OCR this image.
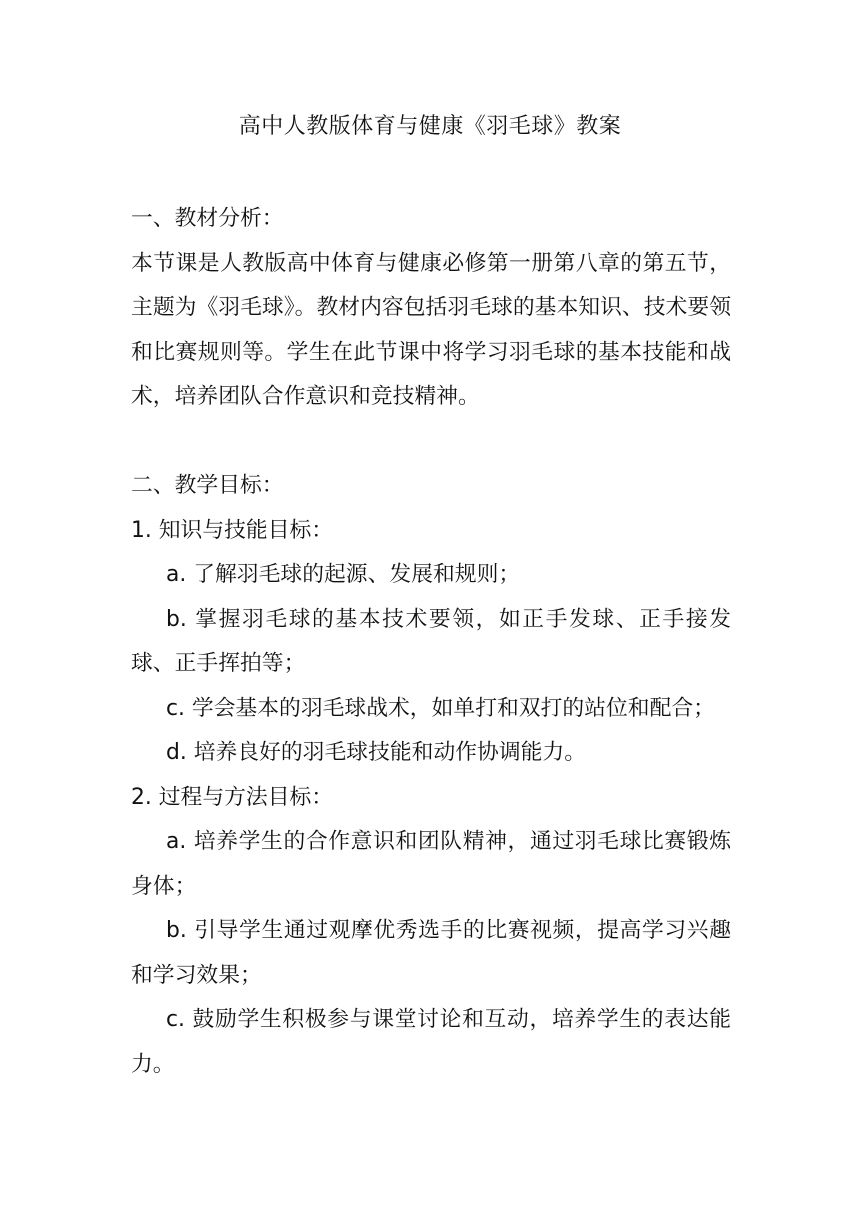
高中人教版体育与健康《羽毛球》教案

一、教材分析：

本节课是人教版高中体育与健康必修第一册第八章的第五节，主题为《羽毛球》。教材内容包括羽毛球的基本知识、技术要领和比赛规则等。学生在此节课中将学习羽毛球的基本技能和战术，培养团队合作意识和竞技精神。

二、教学目标：

1. 知识与技能目标：

a. 了解羽毛球的起源、发展和规则；

b. 掌握羽毛球的基本技术要领，如正手发球、正手接发球、正手挥拍等；

c. 学会基本的羽毛球战术，如单打和双打的站位和配合；

d. 培养良好的羽毛球技能和动作协调能力。

2. 过程与方法目标：

a. 培养学生的合作意识和团队精神，通过羽毛球比赛锻炼身体；

b. 引导学生通过观摩优秀选手的比赛视频，提高学习兴趣和学习效果；

c. 鼓励学生积极参与课堂讨论和互动，培养学生的表达能力。
